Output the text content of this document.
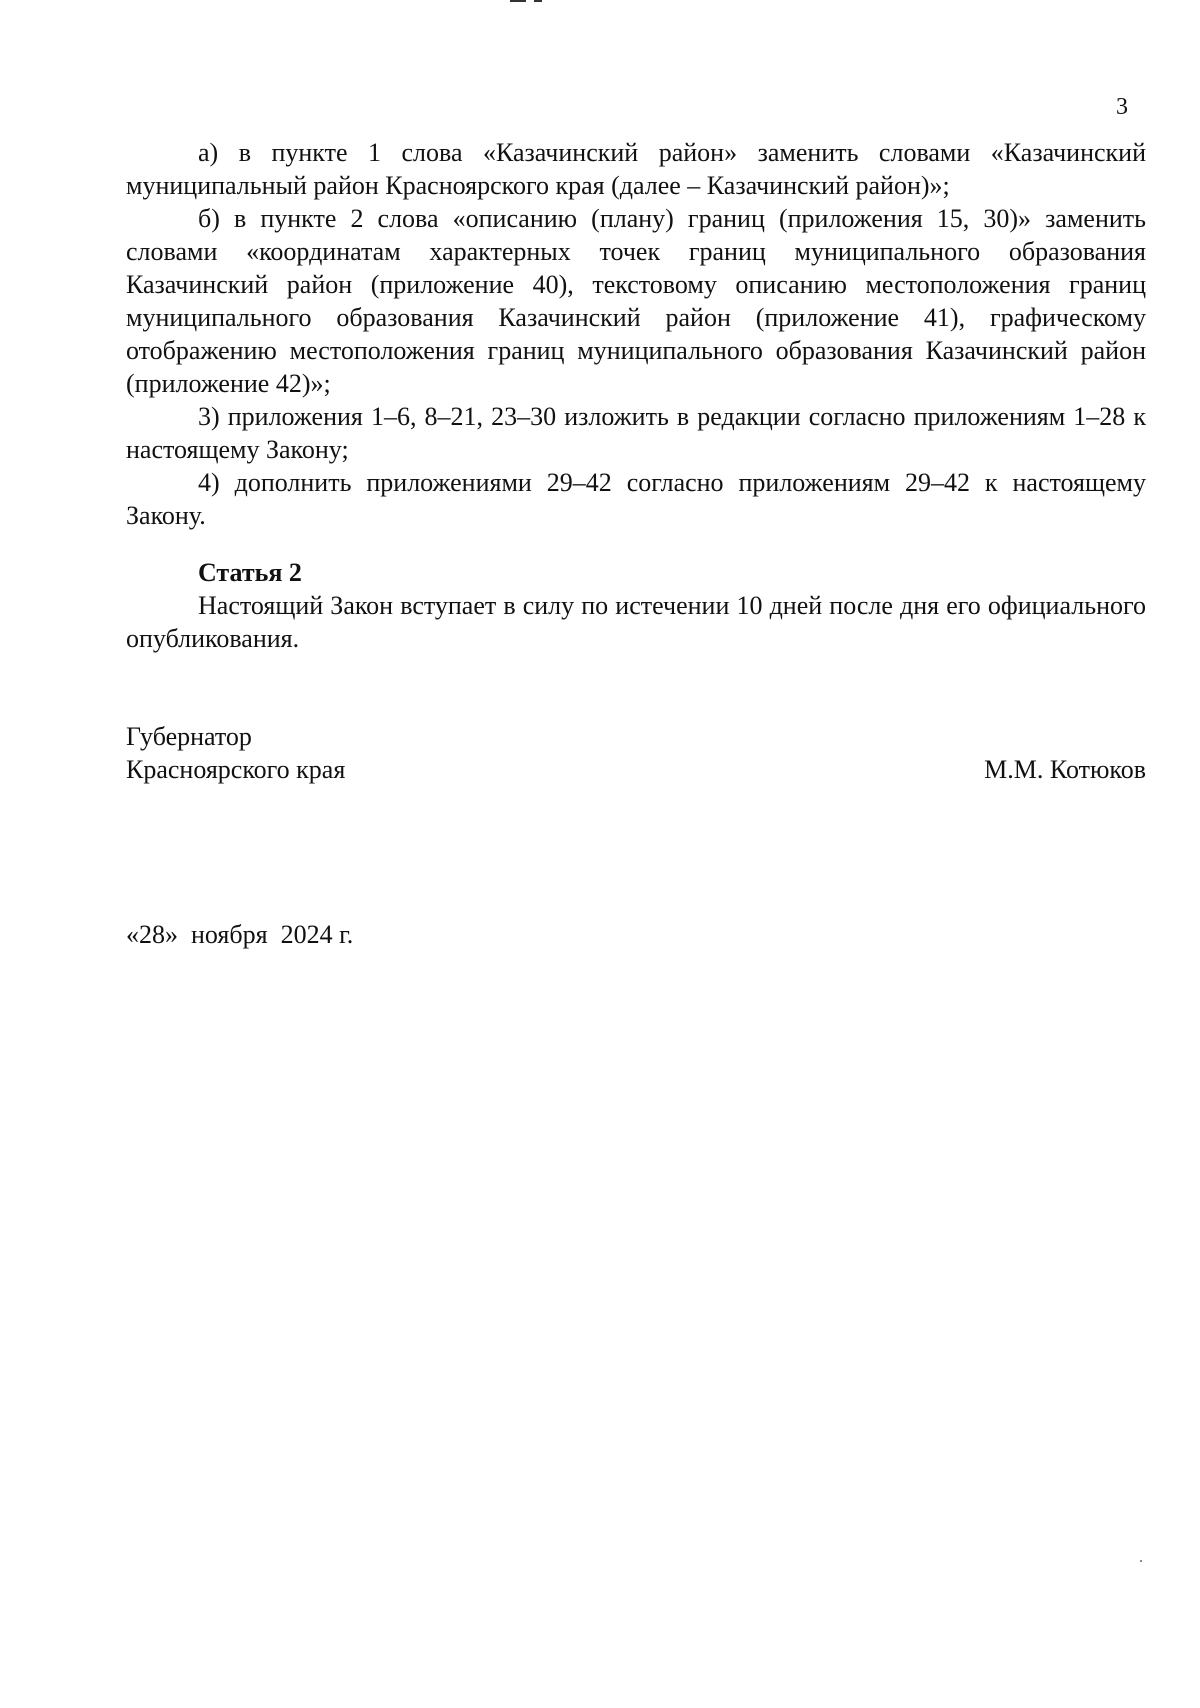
3

а) в пункте 1 слова «Казачинский район» заменить словами «Казачинский муниципальный район Красноярского края (далее – Казачинский район)»;

б) в пункте 2 слова «описанию (плану) границ (приложения 15, 30)» заменить словами «координатам характерных точек границ муниципального образования Казачинский район (приложение 40), текстовому описанию местоположения границ муниципального образования Казачинский район (приложение 41), графическому отображению местоположения границ муниципального образования Казачинский район (приложение 42)»;

3) приложения 1–6, 8–21, 23–30 изложить в редакции согласно приложениям 1–28 к настоящему Закону;

4) дополнить приложениями 29–42 согласно приложениям 29–42 к настоящему Закону.

Статья 2

Настоящий Закон вступает в силу по истечении 10 дней после дня его официального опубликования.

Губернатор
Красноярского края	М.М. Котюков
«28»  ноября  2024 г.
